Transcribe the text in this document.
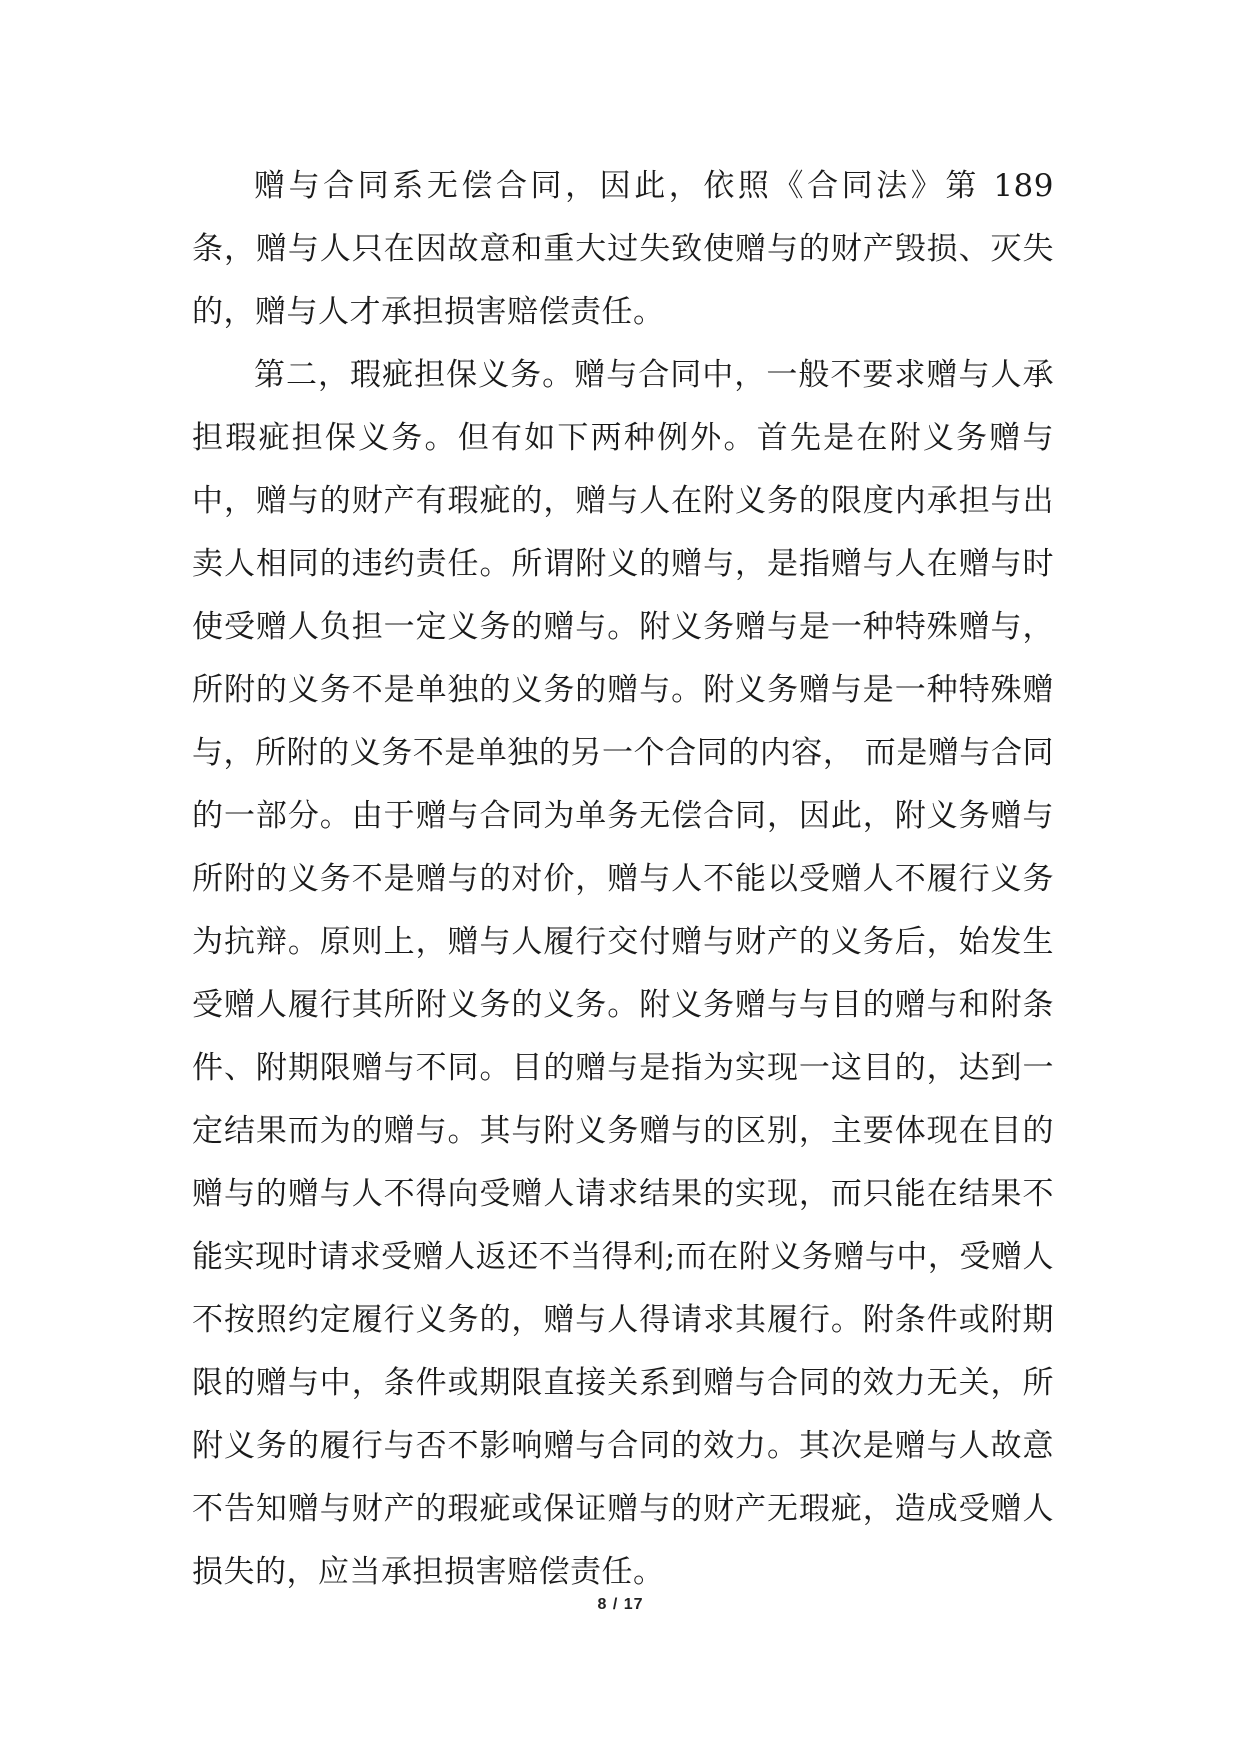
赠与合同系无偿合同，因此，依照《合同法》第 189 条，赠与人只在因故意和重大过失致使赠与的财产毁损、灭失的，赠与人才承担损害赔偿责任。

第二，瑕疵担保义务。赠与合同中，一般不要求赠与人承担瑕疵担保义务。但有如下两种例外。首先是在附义务赠与中，赠与的财产有瑕疵的，赠与人在附义务的限度内承担与出卖人相同的违约责任。所谓附义的赠与，是指赠与人在赠与时使受赠人负担一定义务的赠与。附义务赠与是一种特殊赠与，所附的义务不是单独的义务的赠与。附义务赠与是一种特殊赠与，所附的义务不是单独的另一个合同的内容， 而是赠与合同的一部分。由于赠与合同为单务无偿合同，因此，附义务赠与所附的义务不是赠与的对价，赠与人不能以受赠人不履行义务为抗辩。原则上，赠与人履行交付赠与财产的义务后，始发生受赠人履行其所附义务的义务。附义务赠与与目的赠与和附条件、附期限赠与不同。目的赠与是指为实现一这目的，达到一定结果而为的赠与。其与附义务赠与的区别，主要体现在目的赠与的赠与人不得向受赠人请求结果的实现，而只能在结果不能实现时请求受赠人返还不当得利;而在附义务赠与中，受赠人不按照约定履行义务的，赠与人得请求其履行。附条件或附期限的赠与中，条件或期限直接关系到赠与合同的效力无关，所附义务的履行与否不影响赠与合同的效力。其次是赠与人故意不告知赠与财产的瑕疵或保证赠与的财产无瑕疵，造成受赠人损失的，应当承担损害赔偿责任。

8 / 17
